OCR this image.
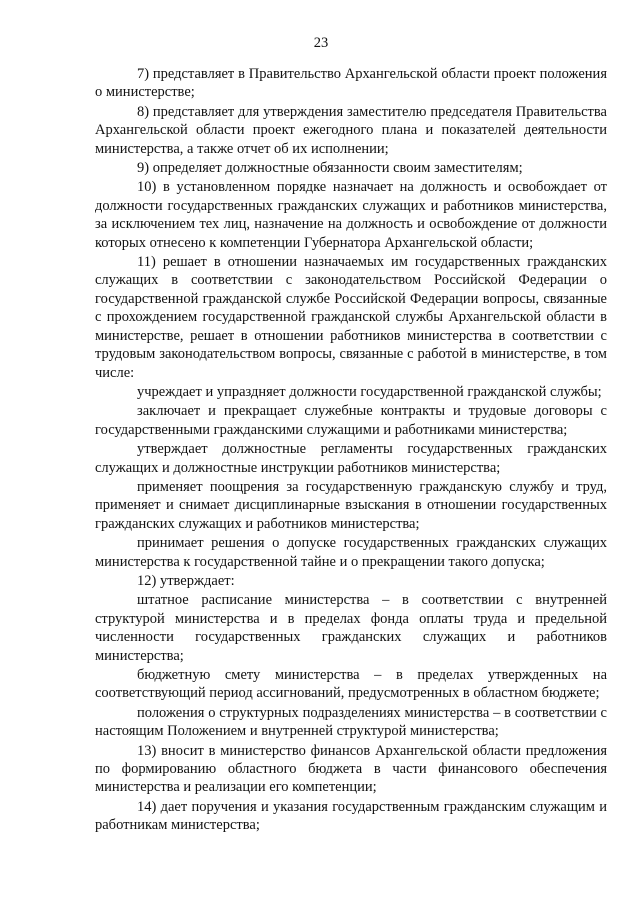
23

7) представляет в Правительство Архангельской области проект положения о министерстве;

8) представляет для утверждения заместителю председателя Правительства Архангельской области проект ежегодного плана и показателей деятельности министерства, а также отчет об их исполнении;

9) определяет должностные обязанности своим заместителям;

10) в установленном порядке назначает на должность и освобождает от должности государственных гражданских служащих и работников министерства, за исключением тех лиц, назначение на должность и освобождение от должности которых отнесено к компетенции Губернатора Архангельской области;

11) решает в отношении назначаемых им государственных гражданских служащих в соответствии с законодательством Российской Федерации о государственной гражданской службе Российской Федерации вопросы, связанные с прохождением государственной гражданской службы Архангельской области в министерстве, решает в отношении работников министерства в соответствии с трудовым законодательством вопросы, связанные с работой в министерстве, в том числе:

учреждает и упраздняет должности государственной гражданской службы;

заключает и прекращает служебные контракты и трудовые договоры с государственными гражданскими служащими и работниками министерства;

утверждает должностные регламенты государственных гражданских служащих и должностные инструкции работников министерства;

применяет поощрения за государственную гражданскую службу и труд, применяет и снимает дисциплинарные взыскания в отношении государственных гражданских служащих и работников министерства;

принимает решения о допуске государственных гражданских служащих министерства к государственной тайне и о прекращении такого допуска;

12) утверждает:

штатное расписание министерства – в соответствии с внутренней структурой министерства и в пределах фонда оплаты труда и предельной численности государственных гражданских служащих и работников министерства;

бюджетную смету министерства – в пределах утвержденных на соответствующий период ассигнований, предусмотренных в областном бюджете;

положения о структурных подразделениях министерства – в соответствии с настоящим Положением и внутренней структурой министерства;

13) вносит в министерство финансов Архангельской области предложения по формированию областного бюджета в части финансового обеспечения министерства и реализации его компетенции;

14) дает поручения и указания государственным гражданским служащим и работникам министерства;
